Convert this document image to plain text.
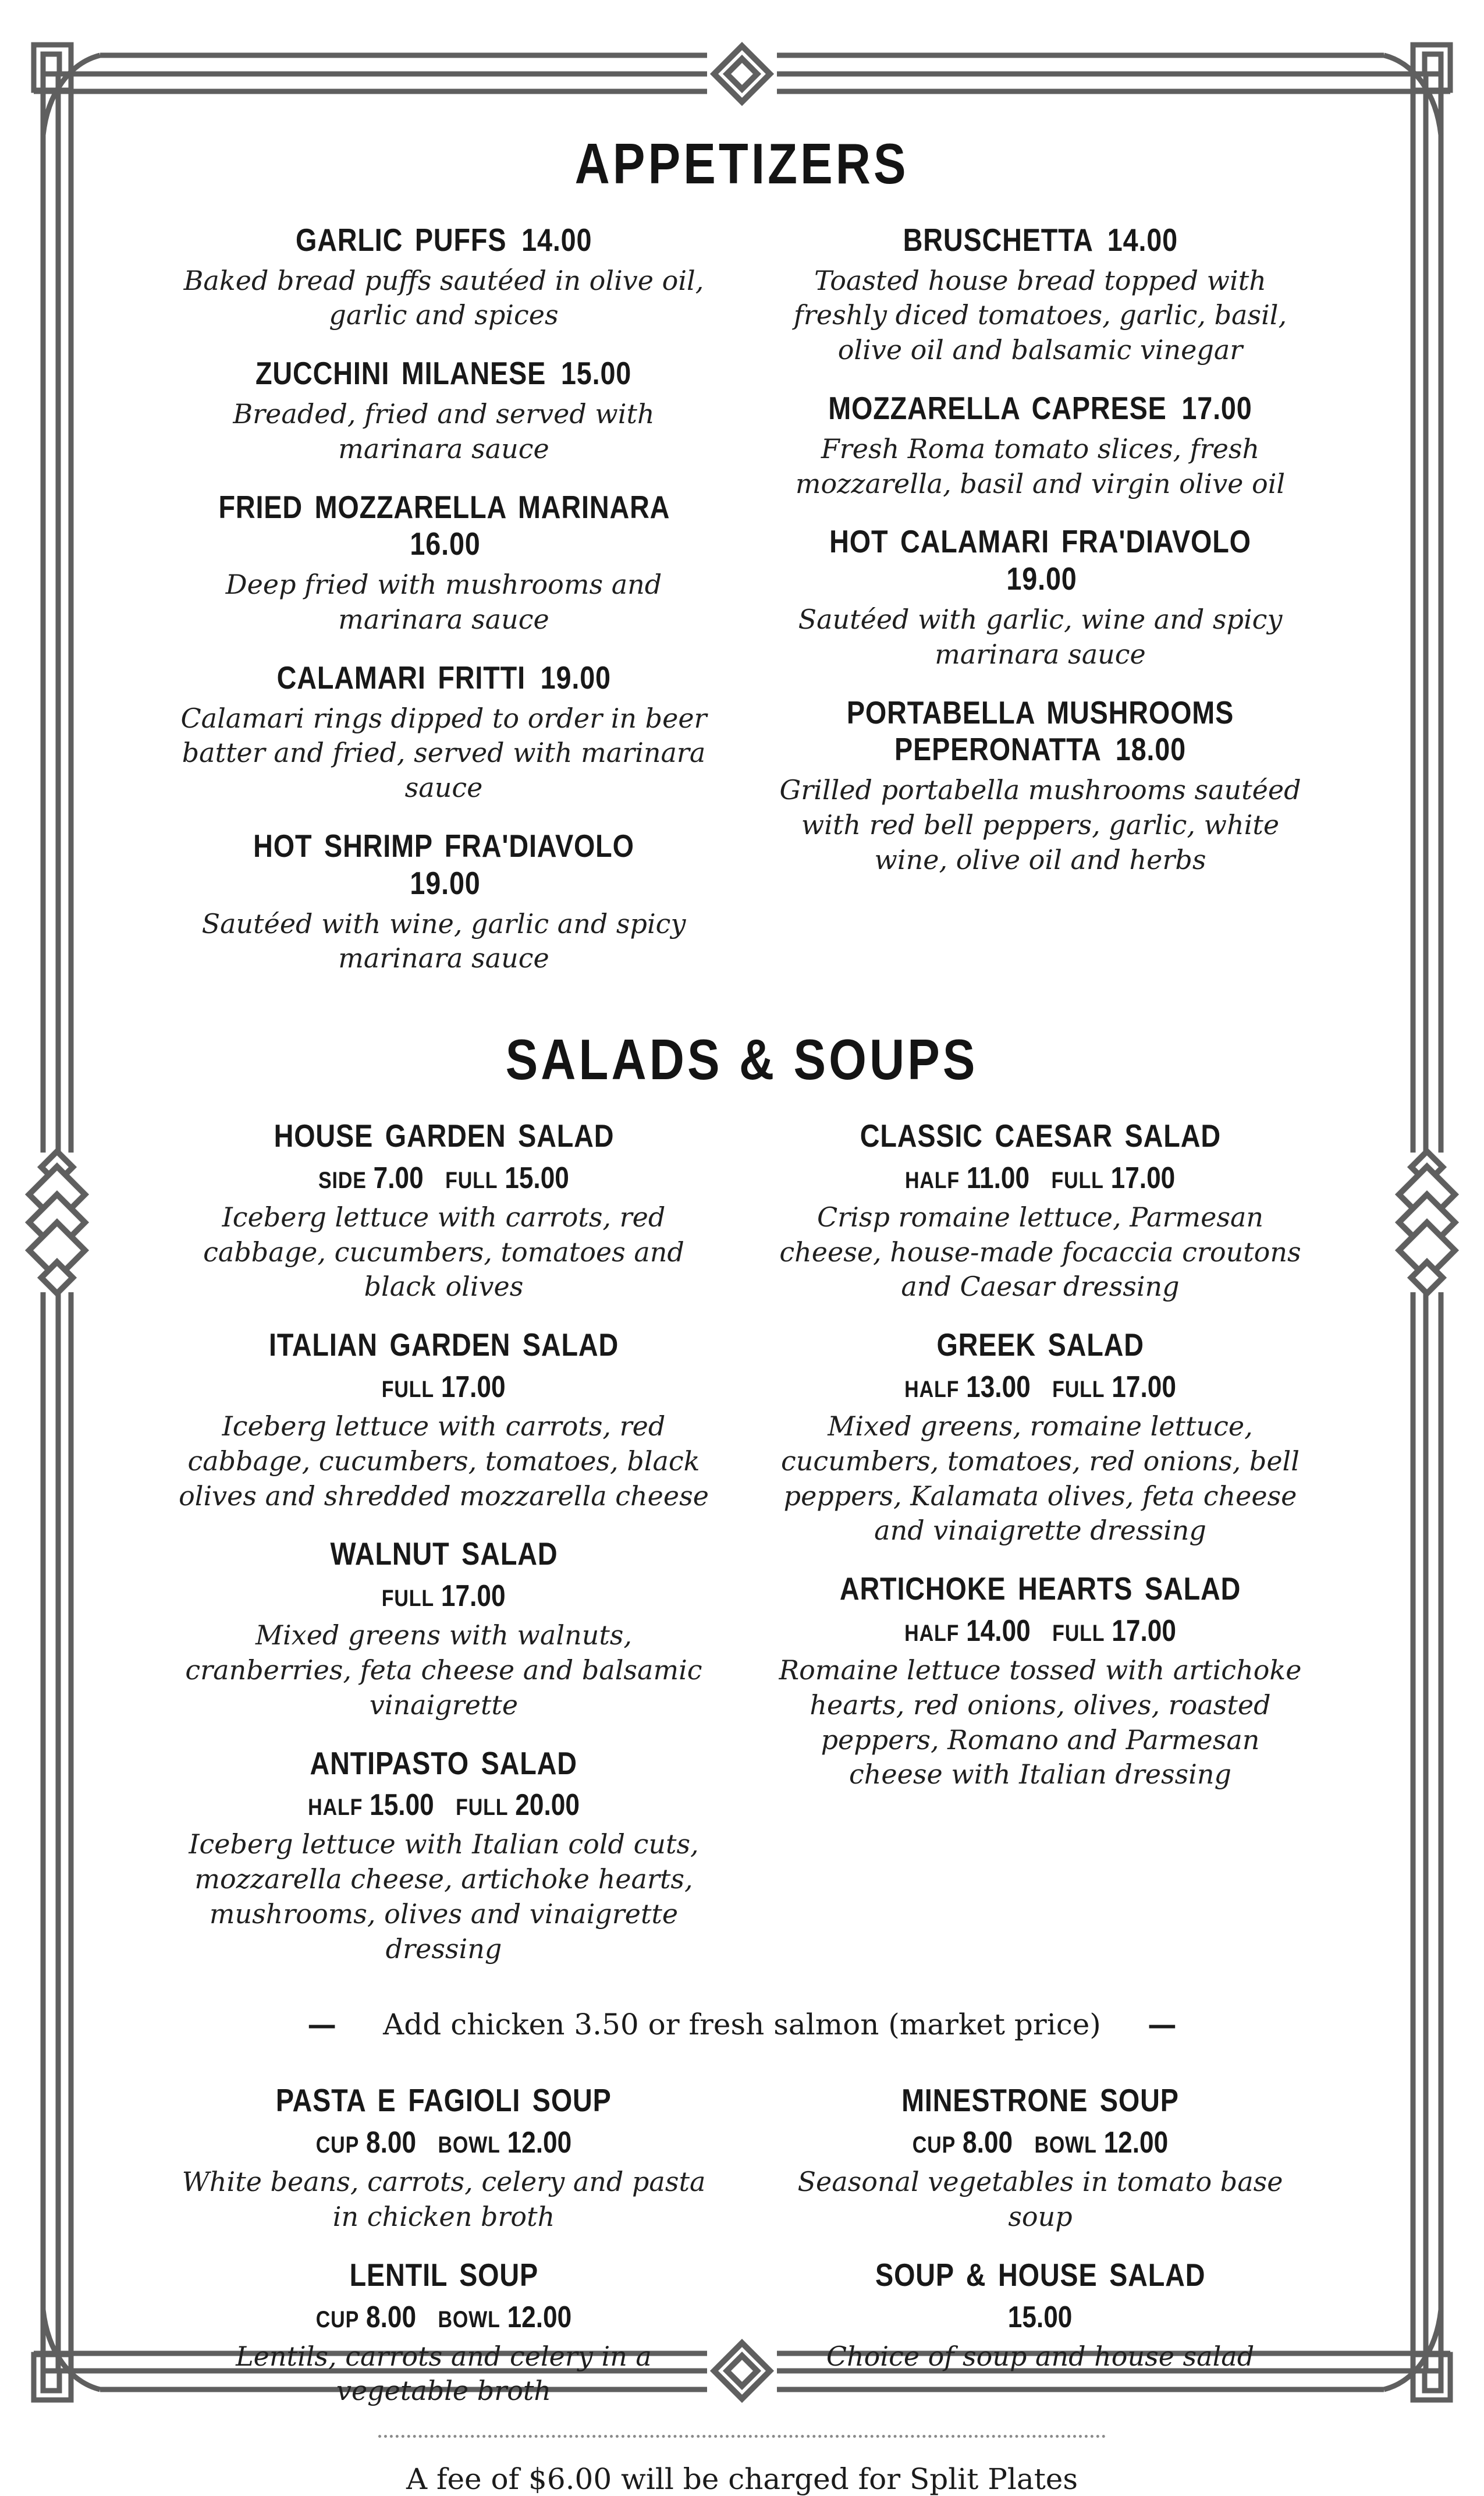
APPETIZERS
GARLIC PUFFS 14.00
Baked bread puffs sautéed in olive oil, garlic and spices
ZUCCHINI MILANESE 15.00
Breaded, fried and served with marinara sauce
FRIED MOZZARELLA MARINARA 16.00
Deep fried with mushrooms and marinara sauce
CALAMARI FRITTI 19.00
Calamari rings dipped to order in beer batter and fried, served with marinara sauce
HOT SHRIMP FRA'DIAVOLO 19.00
Sautéed with wine, garlic and spicy marinara sauce
BRUSCHETTA 14.00
Toasted house bread topped with freshly diced tomatoes, garlic, basil, olive oil and balsamic vinegar
MOZZARELLA CAPRESE 17.00
Fresh Roma tomato slices, fresh mozzarella, basil and virgin olive oil
HOT CALAMARI FRA'DIAVOLO 19.00
Sautéed with garlic, wine and spicy marinara sauce
PORTABELLA MUSHROOMS PEPERONATTA 18.00
Grilled portabella mushrooms sautéed with red bell peppers, garlic, white wine, olive oil and herbs
SALADS & SOUPS
HOUSE GARDEN SALAD
SIDE 7.00 FULL 15.00
Iceberg lettuce with carrots, red cabbage, cucumbers, tomatoes and black olives
ITALIAN GARDEN SALAD
FULL 17.00
Iceberg lettuce with carrots, red cabbage, cucumbers, tomatoes, black olives and shredded mozzarella cheese
WALNUT SALAD
FULL 17.00
Mixed greens with walnuts, cranberries, feta cheese and balsamic vinaigrette
ANTIPASTO SALAD
HALF 15.00 FULL 20.00
Iceberg lettuce with Italian cold cuts, mozzarella cheese, artichoke hearts, mushrooms, olives and vinaigrette dressing
CLASSIC CAESAR SALAD
HALF 11.00 FULL 17.00
Crisp romaine lettuce, Parmesan cheese, house-made focaccia croutons and Caesar dressing
GREEK SALAD
HALF 13.00 FULL 17.00
Mixed greens, romaine lettuce, cucumbers, tomatoes, red onions, bell peppers, Kalamata olives, feta cheese and vinaigrette dressing
ARTICHOKE HEARTS SALAD
HALF 14.00 FULL 17.00
Romaine lettuce tossed with artichoke hearts, red onions, olives, roasted peppers, Romano and Parmesan cheese with Italian dressing
— Add chicken 3.50 or fresh salmon (market price) —
PASTA E FAGIOLI SOUP
CUP 8.00 BOWL 12.00
White beans, carrots, celery and pasta in chicken broth
LENTIL SOUP
CUP 8.00 BOWL 12.00
Lentils, carrots and celery in a vegetable broth
MINESTRONE SOUP
CUP 8.00 BOWL 12.00
Seasonal vegetables in tomato base soup
SOUP & HOUSE SALAD
15.00
Choice of soup and house salad
A fee of $6.00 will be charged for Split Plates
